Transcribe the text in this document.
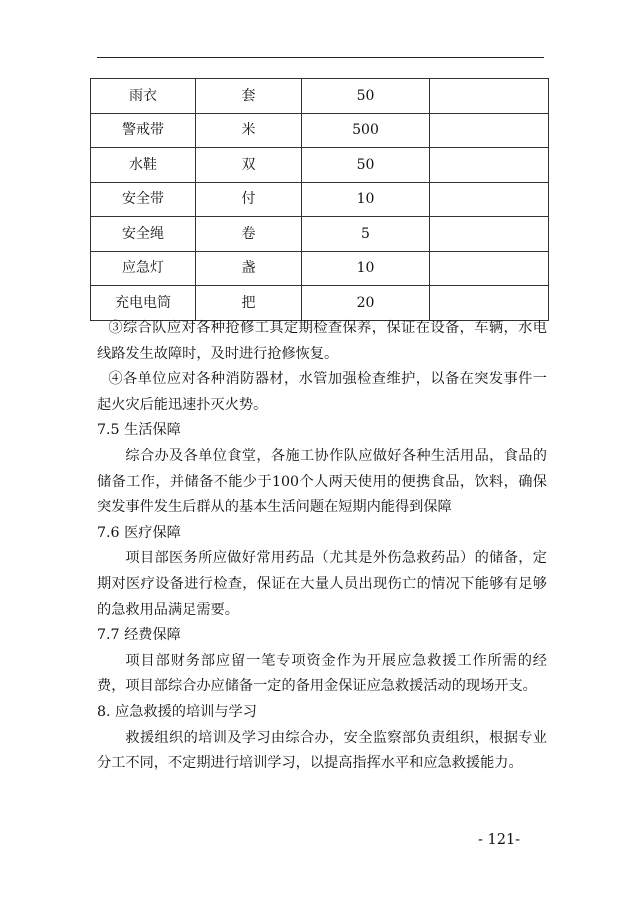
雨衣	套	50	
警戒带	米	500	
水鞋	双	50	
安全带	付	10	
安全绳	卷	5	
应急灯	盏	10	
充电电筒	把	20	

③综合队应对各种抢修工具定期检查保养，保证在设备，车辆，水电线路发生故障时，及时进行抢修恢复。

④各单位应对各种消防器材，水管加强检查维护，以备在突发事件一起火灾后能迅速扑灭火势。

7.5 生活保障

综合办及各单位食堂，各施工协作队应做好各种生活用品，食品的储备工作，并储备不能少于100个人两天使用的便携食品，饮料，确保突发事件发生后群从的基本生活问题在短期内能得到保障

7.6 医疗保障

项目部医务所应做好常用药品（尤其是外伤急救药品）的储备，定期对医疗设备进行检查，保证在大量人员出现伤亡的情况下能够有足够的急救用品满足需要。

7.7 经费保障

项目部财务部应留一笔专项资金作为开展应急救援工作所需的经费，项目部综合办应储备一定的备用金保证应急救援活动的现场开支。

8. 应急救援的培训与学习

救援组织的培训及学习由综合办，安全监察部负责组织，根据专业分工不同，不定期进行培训学习，以提高指挥水平和应急救援能力。

- 121-
